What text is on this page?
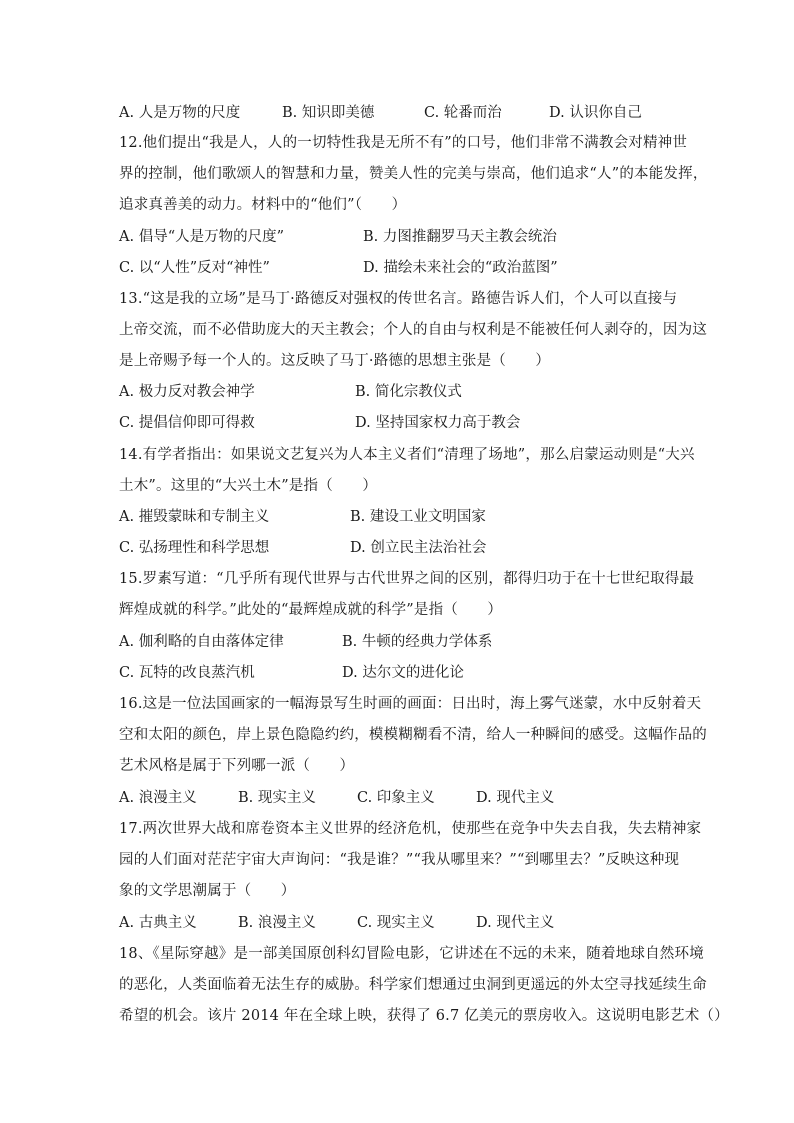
A. 人是万物的尺度	B. 知识即美德	C. 轮番而治	D. 认识你自己
12.他们提出“我是人，人的一切特性我是无所不有”的口号，他们非常不满教会对精神世
界的控制，他们歌颂人的智慧和力量，赞美人性的完美与崇高，他们追求“人”的本能发挥，
追求真善美的动力。材料中的“他们”（　　）
A. 倡导“人是万物的尺度”	B. 力图推翻罗马天主教会统治
C. 以“人性”反对“神性”	D. 描绘未来社会的“政治蓝图”
13.“这是我的立场”是马丁·路德反对强权的传世名言。路德告诉人们，个人可以直接与
上帝交流，而不必借助庞大的天主教会；个人的自由与权利是不能被任何人剥夺的，因为这
是上帝赐予每一个人的。这反映了马丁·路德的思想主张是（　　）
A. 极力反对教会神学	B. 简化宗教仪式
C. 提倡信仰即可得救	D. 坚持国家权力高于教会
14.有学者指出：如果说文艺复兴为人本主义者们“清理了场地”，那么启蒙运动则是“大兴
土木”。这里的“大兴土木”是指（　　）
A. 摧毁蒙昧和专制主义	B. 建设工业文明国家
C. 弘扬理性和科学思想	D. 创立民主法治社会
15.罗素写道：“几乎所有现代世界与古代世界之间的区别，都得归功于在十七世纪取得最
辉煌成就的科学。”此处的“最辉煌成就的科学”是指（　　）
A. 伽利略的自由落体定律	B. 牛顿的经典力学体系
C. 瓦特的改良蒸汽机	D. 达尔文的进化论
16.这是一位法国画家的一幅海景写生时画的画面：日出时，海上雾气迷蒙，水中反射着天
空和太阳的颜色，岸上景色隐隐约约，模模糊糊看不清，给人一种瞬间的感受。这幅作品的
艺术风格是属于下列哪一派（　　）
A. 浪漫主义	B. 现实主义	C. 印象主义	D. 现代主义
17.两次世界大战和席卷资本主义世界的经济危机，使那些在竞争中失去自我，失去精神家
园的人们面对茫茫宇宙大声询问：“我是谁？”“我从哪里来？”“到哪里去？”反映这种现
象的文学思潮属于（　　）
A. 古典主义	B. 浪漫主义	C. 现实主义	D. 现代主义
18、《星际穿越》是一部美国原创科幻冒险电影，它讲述在不远的未来，随着地球自然环境
的恶化，人类面临着无法生存的威胁。科学家们想通过虫洞到更遥远的外太空寻找延续生命
希望的机会。该片 2014 年在全球上映，获得了 6.7 亿美元的票房收入。这说明电影艺术（）
